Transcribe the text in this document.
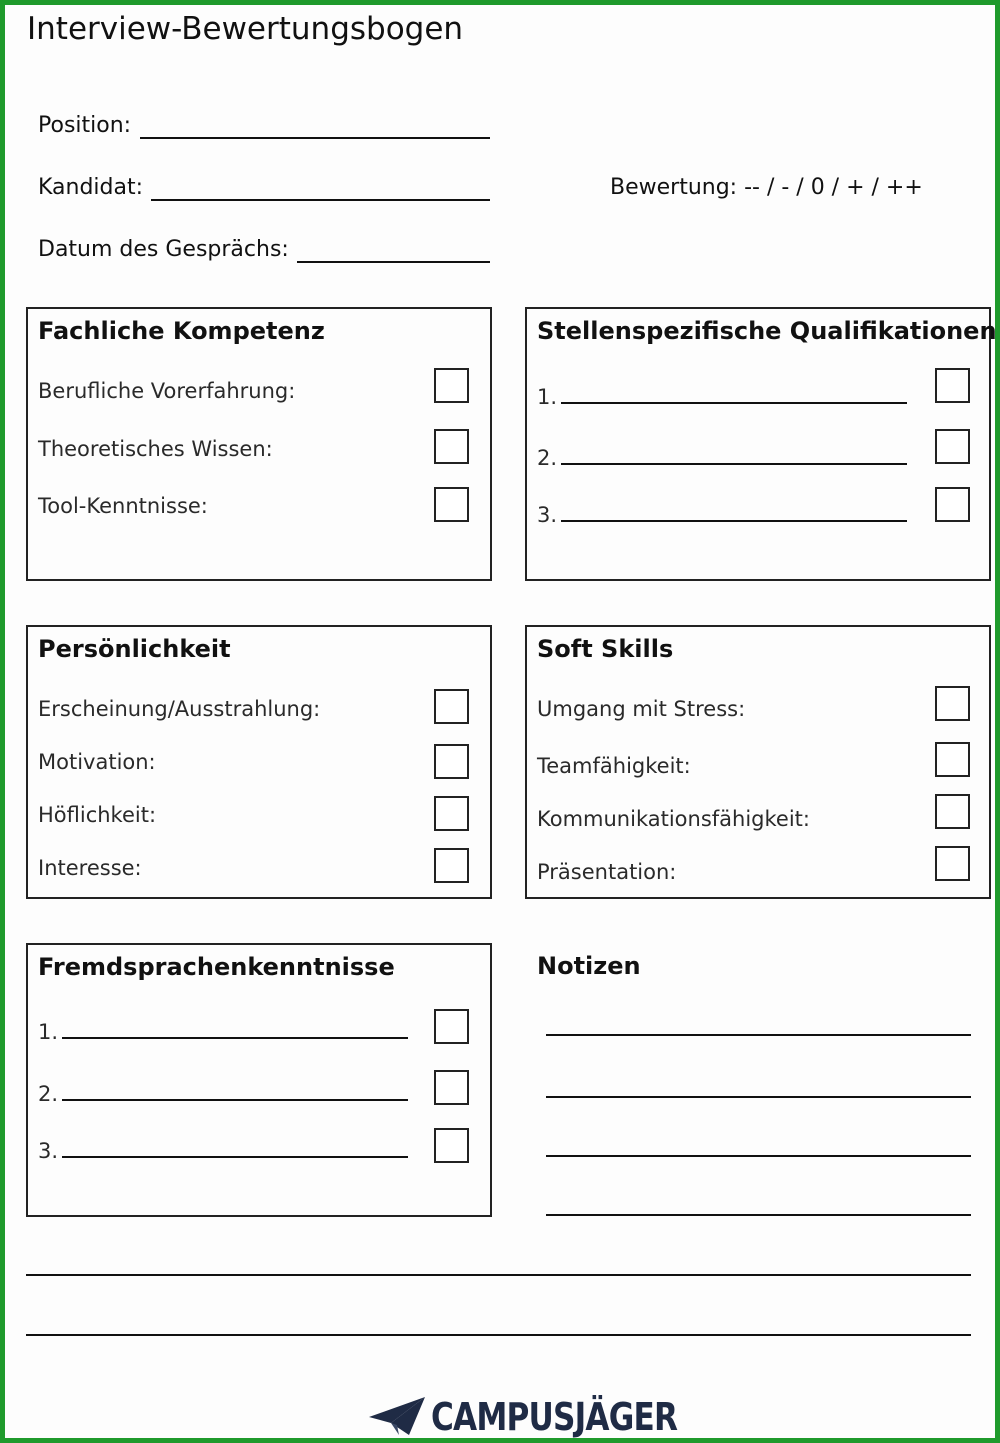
Interview-Bewertungsbogen
Position:
Kandidat:
Datum des Gesprächs:
Bewertung: -- / - / 0 / + / ++
Fachliche Kompetenz
Berufliche Vorerfahrung:
Theoretisches Wissen:
Tool-Kenntnisse:
Stellenspezifische Qualifikationen
1.
2.
3.
Persönlichkeit
Erscheinung/Ausstrahlung:
Motivation:
Höflichkeit:
Interesse:
Soft Skills
Umgang mit Stress:
Teamfähigkeit:
Kommunikationsfähigkeit:
Präsentation:
Fremdsprachenkenntnisse
1.
2.
3.
Notizen
CAMPUSJÄGER
